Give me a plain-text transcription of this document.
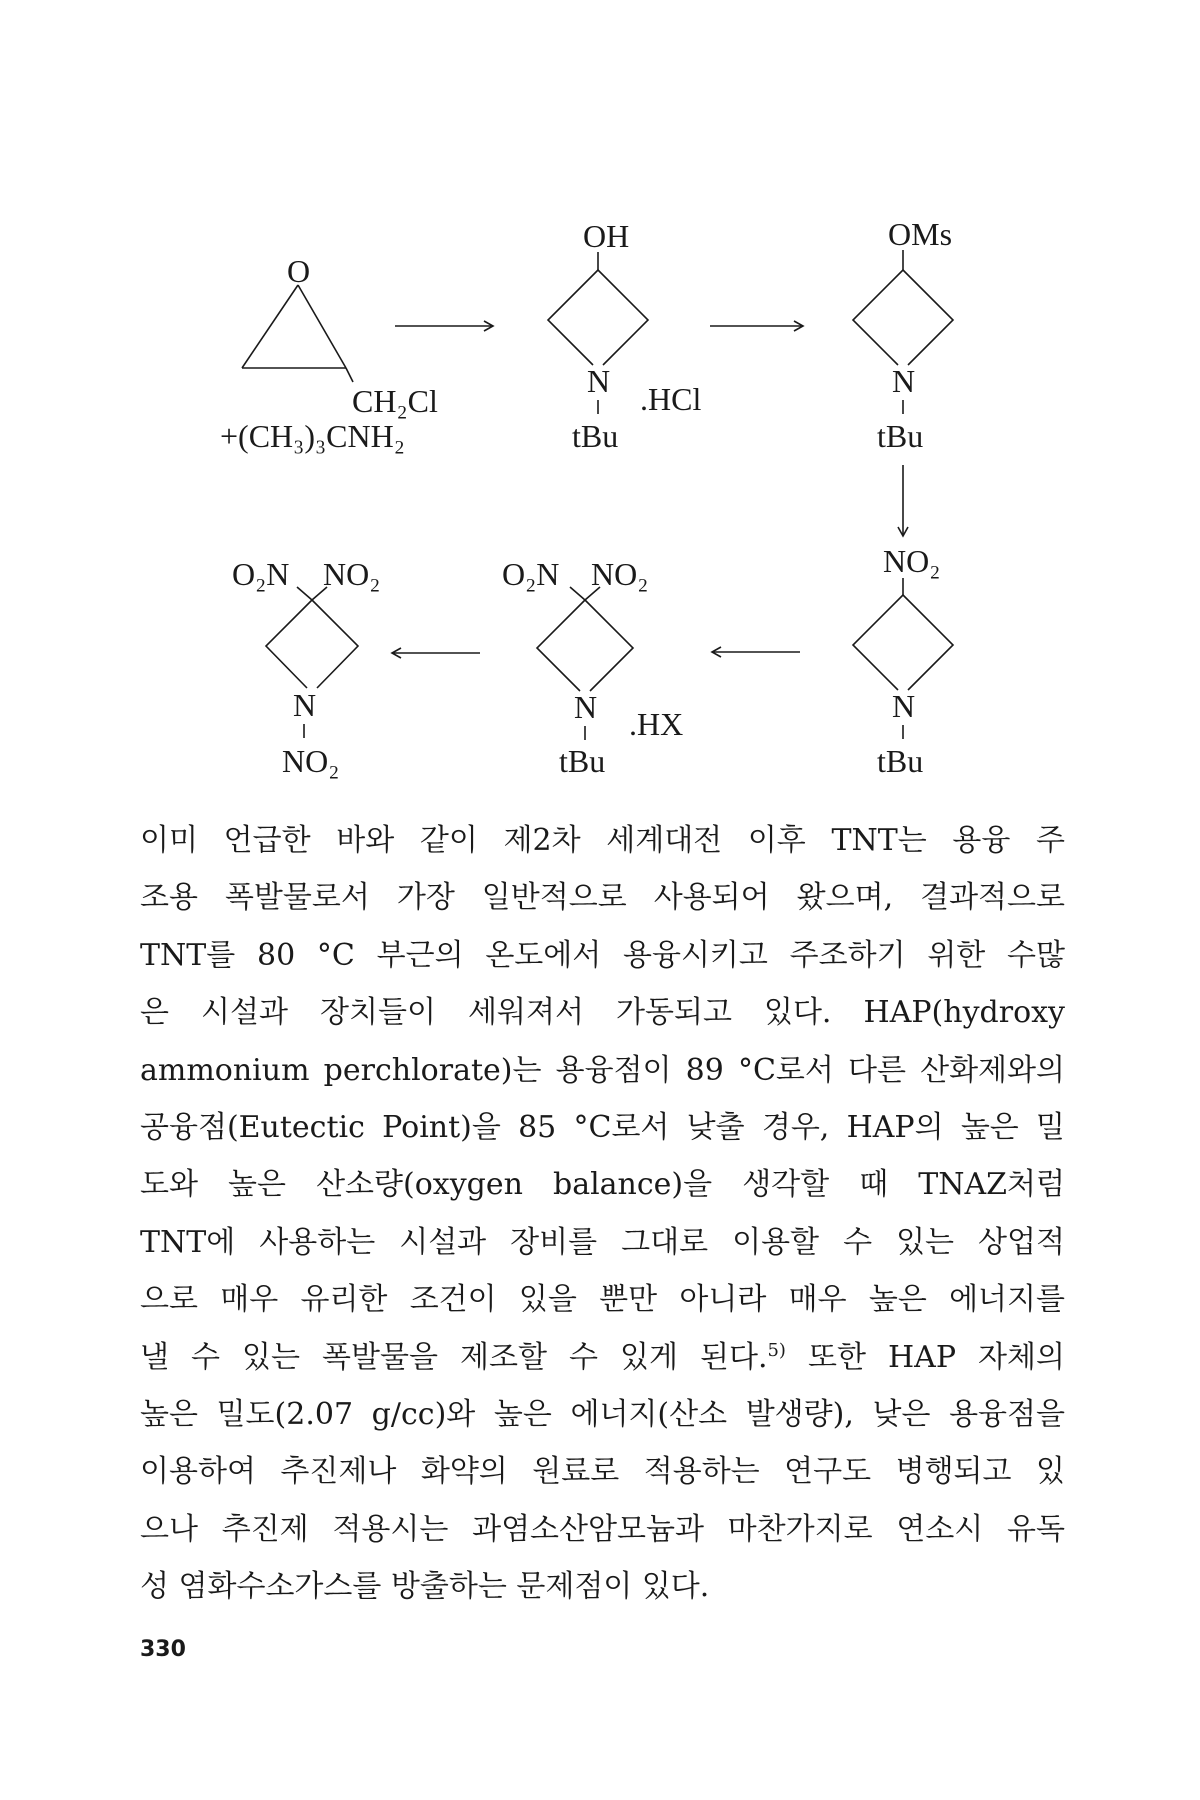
O
CH₂Cl
+(CH₃)₃CNH₂
OH
N
tBu
.HCl
OMs
N
tBu
NO₂
N
tBu
O₂N NO₂
N
tBu
.HX
O₂N NO₂
N
NO₂
이미 언급한 바와 같이 제2차 세계대전 이후 TNT는 용융 주
조용 폭발물로서 가장 일반적으로 사용되어 왔으며, 결과적으로
TNT를 80 °C 부근의 온도에서 용융시키고 주조하기 위한 수많
은 시설과 장치들이 세워져서 가동되고 있다. HAP(hydroxy
ammonium perchlorate)는 용융점이 89 °C로서 다른 산화제와의
공융점(Eutectic Point)을 85 °C로서 낮출 경우, HAP의 높은 밀
도와 높은 산소량(oxygen balance)을 생각할 때 TNAZ처럼
TNT에 사용하는 시설과 장비를 그대로 이용할 수 있는 상업적
으로 매우 유리한 조건이 있을 뿐만 아니라 매우 높은 에너지를
낼 수 있는 폭발물을 제조할 수 있게 된다.$^{5)}$ 또한 HAP 자체의
높은 밀도(2.07 g/cc)와 높은 에너지(산소 발생량), 낮은 용융점을
이용하여 추진제나 화약의 원료로 적용하는 연구도 병행되고 있
으나 추진제 적용시는 과염소산암모늄과 마찬가지로 연소시 유독
성 염화수소가스를 방출하는 문제점이 있다.
330
